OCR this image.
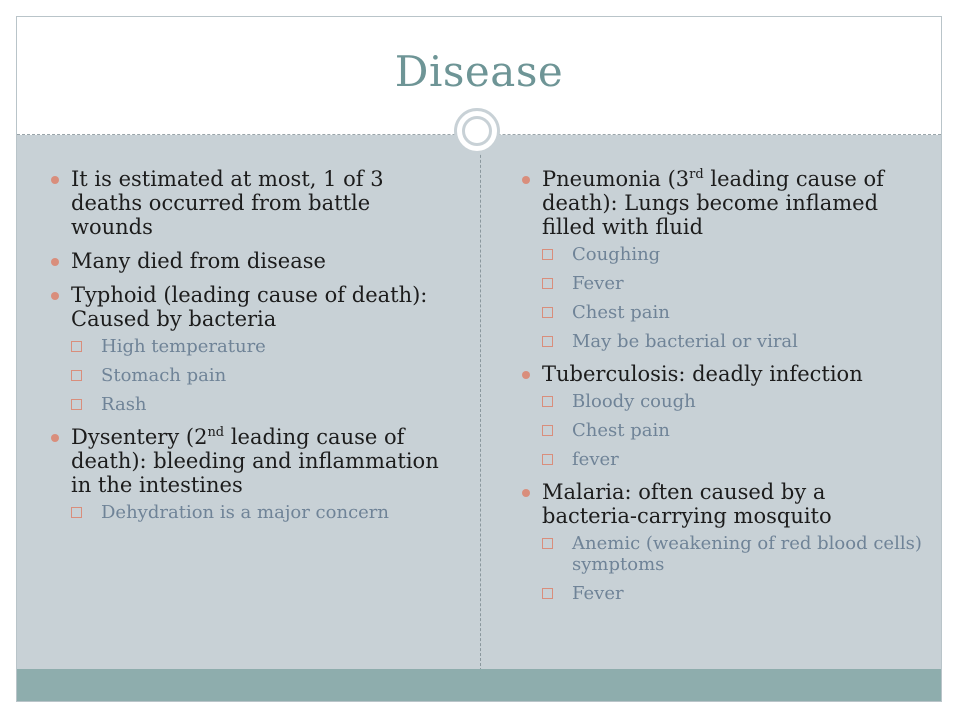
Disease
It is estimated at most, 1 of 3 deaths occurred from battle wounds
Many died from disease
Typhoid (leading cause of death): Caused by bacteria
High temperature
Stomach pain
Rash
Dysentery (2nd leading cause of death): bleeding and inflammation in the intestines
Dehydration is a major concern
Pneumonia (3rd leading cause of death): Lungs become inflamed filled with fluid
Coughing
Fever
Chest pain
May be bacterial or viral
Tuberculosis: deadly infection
Bloody cough
Chest pain
fever
Malaria: often caused by a bacteria-carrying mosquito
Anemic (weakening of red blood cells) symptoms
Fever
